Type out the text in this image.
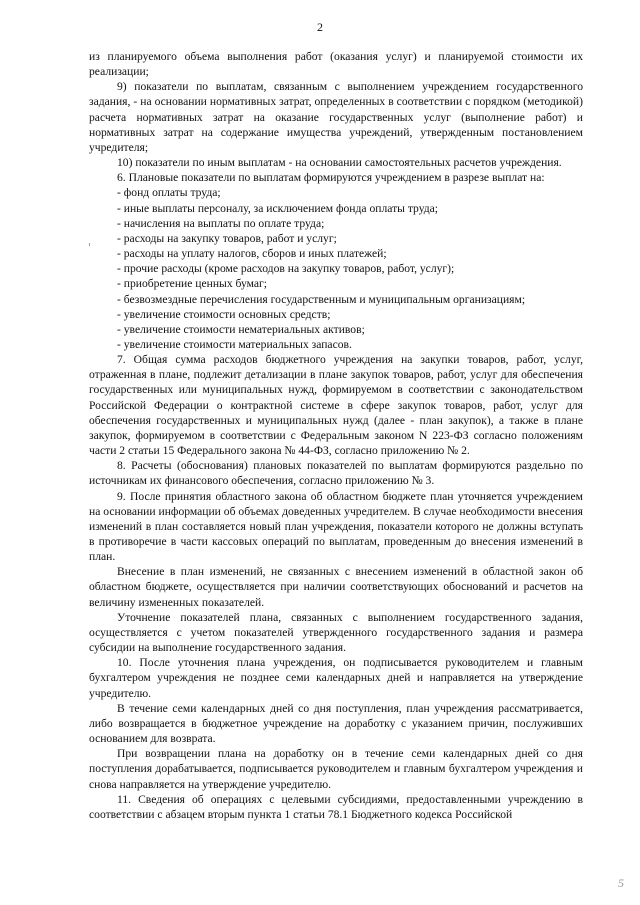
2

из планируемого объема выполнения работ (оказания услуг) и планируемой стоимости их реализации;

9) показатели по выплатам, связанным с выполнением учреждением государственного задания, - на основании нормативных затрат, определенных в соответствии с порядком (методикой) расчета нормативных затрат на оказание государственных услуг (выполнение работ) и нормативных затрат на содержание имущества учреждений, утвержденным постановлением учредителя;

10) показатели по иным выплатам - на основании самостоятельных расчетов учреждения.

6. Плановые показатели по выплатам формируются учреждением в разрезе выплат на:

- фонд оплаты труда;

- иные выплаты персоналу, за исключением фонда оплаты труда;

- начисления на выплаты по оплате труда;

- расходы на закупку товаров, работ и услуг;

- расходы на уплату налогов, сборов и иных платежей;

- прочие расходы (кроме расходов на закупку товаров, работ, услуг);

- приобретение ценных бумаг;

- безвозмездные перечисления государственным и муниципальным организациям;

- увеличение стоимости основных средств;

- увеличение стоимости нематериальных активов;

- увеличение стоимости материальных запасов.

7. Общая сумма расходов бюджетного учреждения на закупки товаров, работ, услуг, отраженная в плане, подлежит детализации в плане закупок товаров, работ, услуг для обеспечения государственных или муниципальных нужд, формируемом в соответствии с законодательством Российской Федерации о контрактной системе в сфере закупок товаров, работ, услуг для обеспечения государственных и муниципальных нужд (далее - план закупок), а также в плане закупок, формируемом в соответствии с Федеральным законом N 223-ФЗ согласно положениям части 2 статьи 15 Федерального закона № 44-ФЗ, согласно приложению № 2.

8. Расчеты (обоснования) плановых показателей по выплатам формируются раздельно по источникам их финансового обеспечения, согласно приложению № 3.

9. После принятия областного закона об областном бюджете план уточняется учреждением на основании информации об объемах доведенных учредителем. В случае необходимости внесения изменений в план составляется новый план учреждения, показатели которого не должны вступать в противоречие в части кассовых операций по выплатам, проведенным до внесения изменений в план.

Внесение в план изменений, не связанных с внесением изменений в областной закон об областном бюджете, осуществляется при наличии соответствующих обоснований и расчетов на величину измененных показателей.

Уточнение показателей плана, связанных с выполнением государственного задания, осуществляется с учетом показателей утвержденного государственного задания и размера субсидии на выполнение государственного задания.

10. После уточнения плана учреждения, он подписывается руководителем и главным бухгалтером учреждения не позднее семи календарных дней и направляется на утверждение учредителю.

В течение семи календарных дней со дня поступления, план учреждения рассматривается, либо возвращается в бюджетное учреждение на доработку с указанием причин, послуживших основанием для возврата.

При возвращении плана на доработку он в течение семи календарных дней со дня поступления дорабатывается, подписывается руководителем и главным бухгалтером учреждения и снова направляется на утверждение учредителю.

11. Сведения об операциях с целевыми субсидиями, предоставленными учреждению в соответствии с абзацем вторым пункта 1 статьи 78.1 Бюджетного кодекса Российской

5
